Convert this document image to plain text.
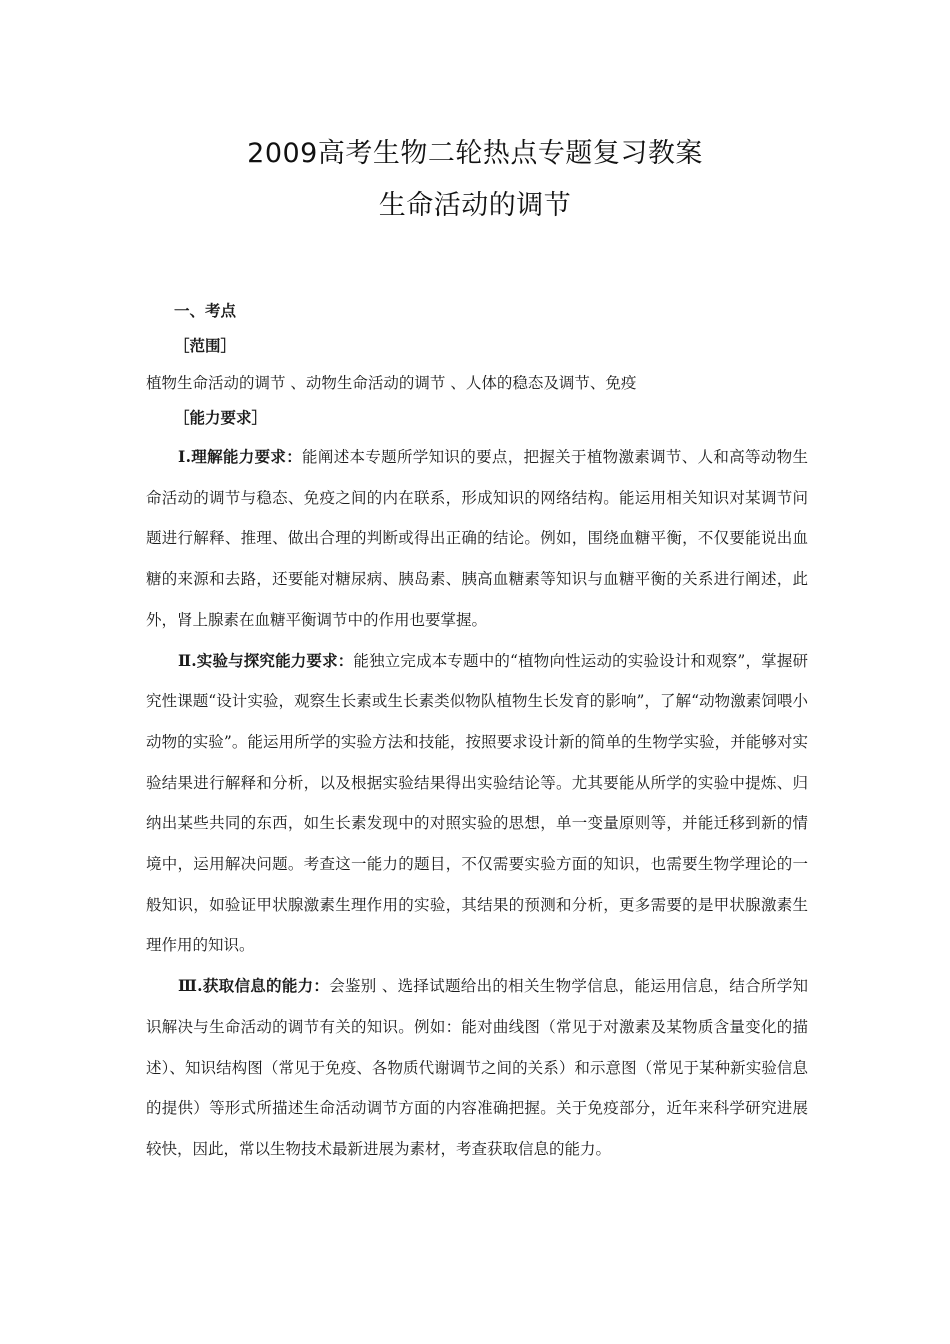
2009高考生物二轮热点专题复习教案
生命活动的调节
一、考点
［范围］
植物生命活动的调节 、动物生命活动的调节 、人体的稳态及调节、免疫
［能力要求］

Ⅰ.理解能力要求：能阐述本专题所学知识的要点，把握关于植物激素调节、人和高等动物生命活动的调节与稳态、免疫之间的内在联系，形成知识的网络结构。能运用相关知识对某调节问题进行解释、推理、做出合理的判断或得出正确的结论。例如，围绕血糖平衡，不仅要能说出血糖的来源和去路，还要能对糖尿病、胰岛素、胰高血糖素等知识与血糖平衡的关系进行阐述，此外，肾上腺素在血糖平衡调节中的作用也要掌握。

Ⅱ.实验与探究能力要求：能独立完成本专题中的“植物向性运动的实验设计和观察”，掌握研究性课题“设计实验，观察生长素或生长素类似物队植物生长发育的影响”，了解“动物激素饲喂小动物的实验”。能运用所学的实验方法和技能，按照要求设计新的简单的生物学实验，并能够对实验结果进行解释和分析，以及根据实验结果得出实验结论等。尤其要能从所学的实验中提炼、归纳出某些共同的东西，如生长素发现中的对照实验的思想，单一变量原则等，并能迁移到新的情境中，运用解决问题。考查这一能力的题目，不仅需要实验方面的知识，也需要生物学理论的一般知识，如验证甲状腺激素生理作用的实验，其结果的预测和分析，更多需要的是甲状腺激素生理作用的知识。

Ⅲ.获取信息的能力：会鉴别 、选择试题给出的相关生物学信息，能运用信息，结合所学知识解决与生命活动的调节有关的知识。例如：能对曲线图（常见于对激素及某物质含量变化的描述）、知识结构图（常见于免疫、各物质代谢调节之间的关系）和示意图（常见于某种新实验信息的提供）等形式所描述生命活动调节方面的内容准确把握。关于免疫部分，近年来科学研究进展较快，因此，常以生物技术最新进展为素材，考查获取信息的能力。
